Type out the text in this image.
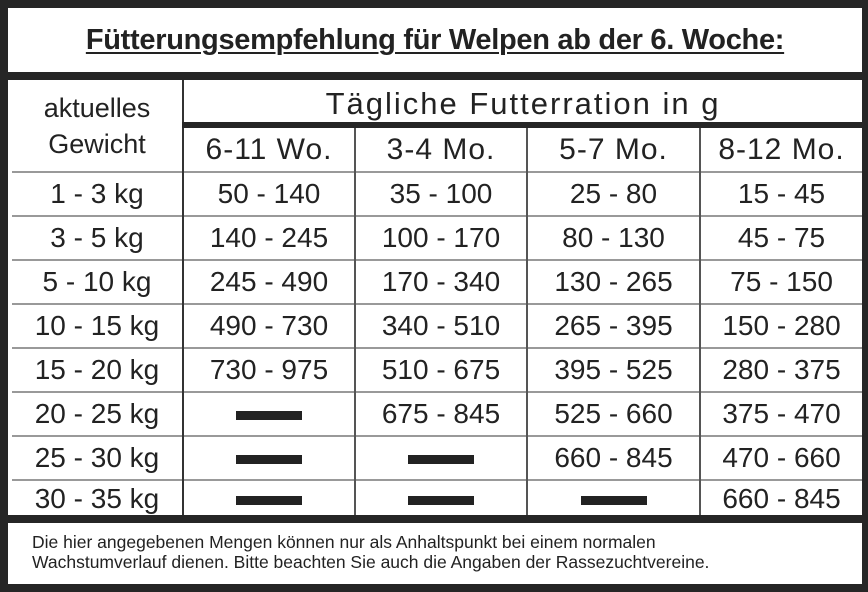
Fütterungsempfehlung für Welpen ab der 6. Woche:
aktuelles
Gewicht	Tägliche Futterration in g			
	6-11 Wo.	3-4 Mo.	5-7 Mo.	8-12 Mo.
1 - 3 kg	50 - 140	35 - 100	25 - 80	15 - 45
3 - 5 kg	140 - 245	100 - 170	80 - 130	45 - 75
5 - 10 kg	245 - 490	170 - 340	130 - 265	75 - 150
10 - 15 kg	490 - 730	340 - 510	265 - 395	150 - 280
15 - 20 kg	730 - 975	510 - 675	395 - 525	280 - 375
20 - 25 kg		675 - 845	525 - 660	375 - 470
25 - 30 kg			660 - 845	470 - 660
30 - 35 kg				660 - 845
Die hier angegebenen Mengen können nur als Anhaltspunkt bei einem normalen
Wachstumverlauf dienen. Bitte beachten Sie auch die Angaben der Rassezuchtvereine.
